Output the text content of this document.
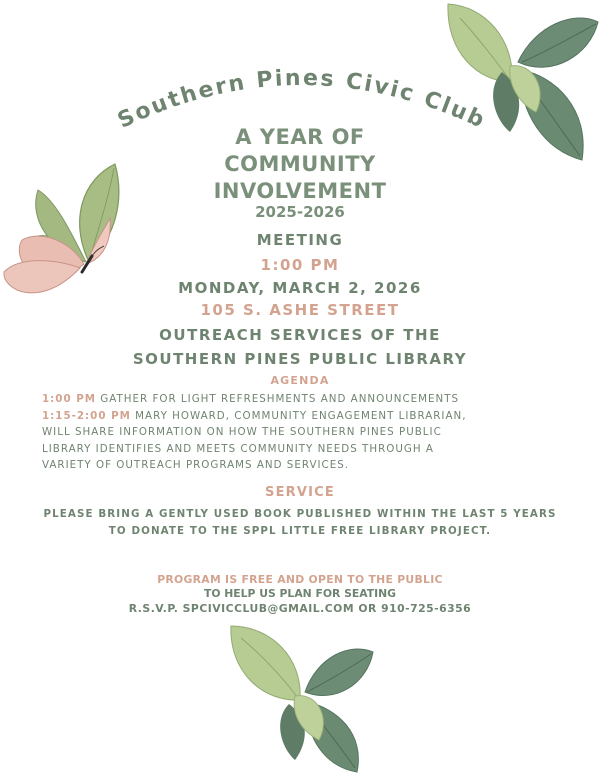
Southern Pines Civic Club
A YEAR OF
COMMUNITY
INVOLVEMENT
2025-2026
MEETING
1:00 PM
MONDAY, MARCH 2, 2026
105 S. ASHE STREET
OUTREACH SERVICES OF THE
SOUTHERN PINES PUBLIC LIBRARY
AGENDA
1:00 PM GATHER FOR LIGHT REFRESHMENTS AND ANNOUNCEMENTS
1:15-2:00 PM MARY HOWARD, COMMUNITY ENGAGEMENT LIBRARIAN,
WILL SHARE INFORMATION ON HOW THE SOUTHERN PINES PUBLIC
LIBRARY IDENTIFIES AND MEETS COMMUNITY NEEDS THROUGH A
VARIETY OF OUTREACH PROGRAMS AND SERVICES.
SERVICE
PLEASE BRING A GENTLY USED BOOK PUBLISHED WITHIN THE LAST 5 YEARS
TO DONATE TO THE SPPL LITTLE FREE LIBRARY PROJECT.
PROGRAM IS FREE AND OPEN TO THE PUBLIC
TO HELP US PLAN FOR SEATING
R.S.V.P. SPCIVICCLUB@GMAIL.COM OR 910-725-6356
